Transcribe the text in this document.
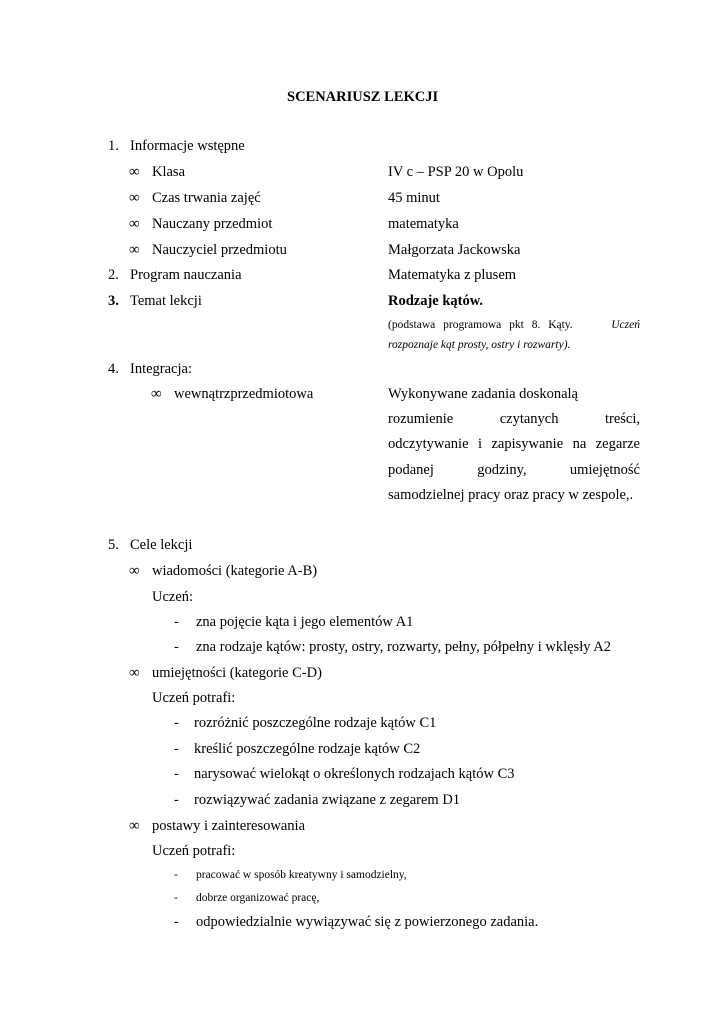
SCENARIUSZ LEKCJI
1. Informacje wstępne
∞ Klasa	IV c – PSP 20 w Opolu
∞ Czas trwania zajęć	45 minut
∞ Nauczany przedmiot	matematyka
∞ Nauczyciel przedmiotu	Małgorzata Jackowska
2. Program nauczania	Matematyka z plusem
3. Temat lekcji	Rodzaje kątów.
(podstawa programowa pkt 8. Kąty.	Uczeń
rozpoznaje kąt prosty, ostry i rozwarty).
4. Integracja:
∞ wewnątrzprzedmiotowa	Wykonywane zadania doskonalą
rozumienie czytanych treści,
odczytywanie i zapisywanie na zegarze
podanej godziny, umiejętność
samodzielnej pracy oraz pracy w zespole,.
5. Cele lekcji
∞ wiadomości (kategorie A-B)
Uczeń:
- zna pojęcie kąta i jego elementów A1
- zna rodzaje kątów: prosty, ostry, rozwarty, pełny, półpełny i wklęsły A2
∞ umiejętności (kategorie C-D)
Uczeń potrafi:
- rozróżnić poszczególne rodzaje kątów C1
- kreślić poszczególne rodzaje kątów C2
- narysować wielokąt o określonych rodzajach kątów C3
- rozwiązywać zadania związane z zegarem D1
∞ postawy i zainteresowania
Uczeń potrafi:
- pracować w sposób kreatywny i samodzielny,
- dobrze organizować pracę,
- odpowiedzialnie wywiązywać się z powierzonego zadania.
